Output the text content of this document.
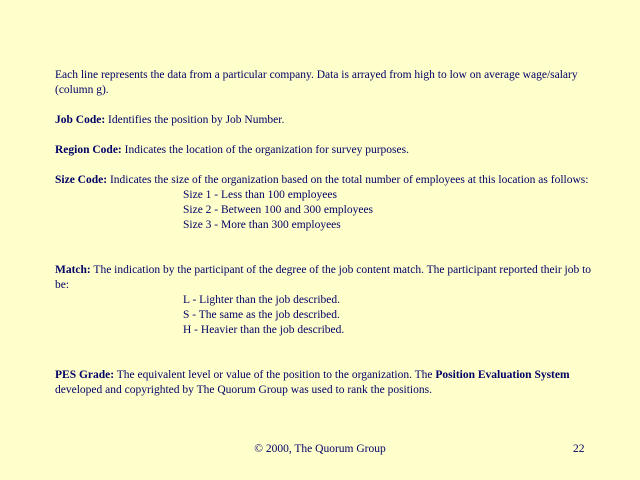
Each line represents the data from a particular company. Data is arrayed from high to low on average wage/salary (column g).

Job Code: Identifies the position by Job Number.

Region Code: Indicates the location of the organization for survey purposes.

Size Code: Indicates the size of the organization based on the total number of employees at this location as follows:

Size 1 - Less than 100 employees

Size 2 - Between 100 and 300 employees

Size 3 - More than 300 employees

Match: The indication by the participant of the degree of the job content match. The participant reported their job to be:

L - Lighter than the job described.

S - The same as the job described.

H - Heavier than the job described.

PES Grade: The equivalent level or value of the position to the organization. The Position Evaluation System developed and copyrighted by The Quorum Group was used to rank the positions.

© 2000, The Quorum Group	22
